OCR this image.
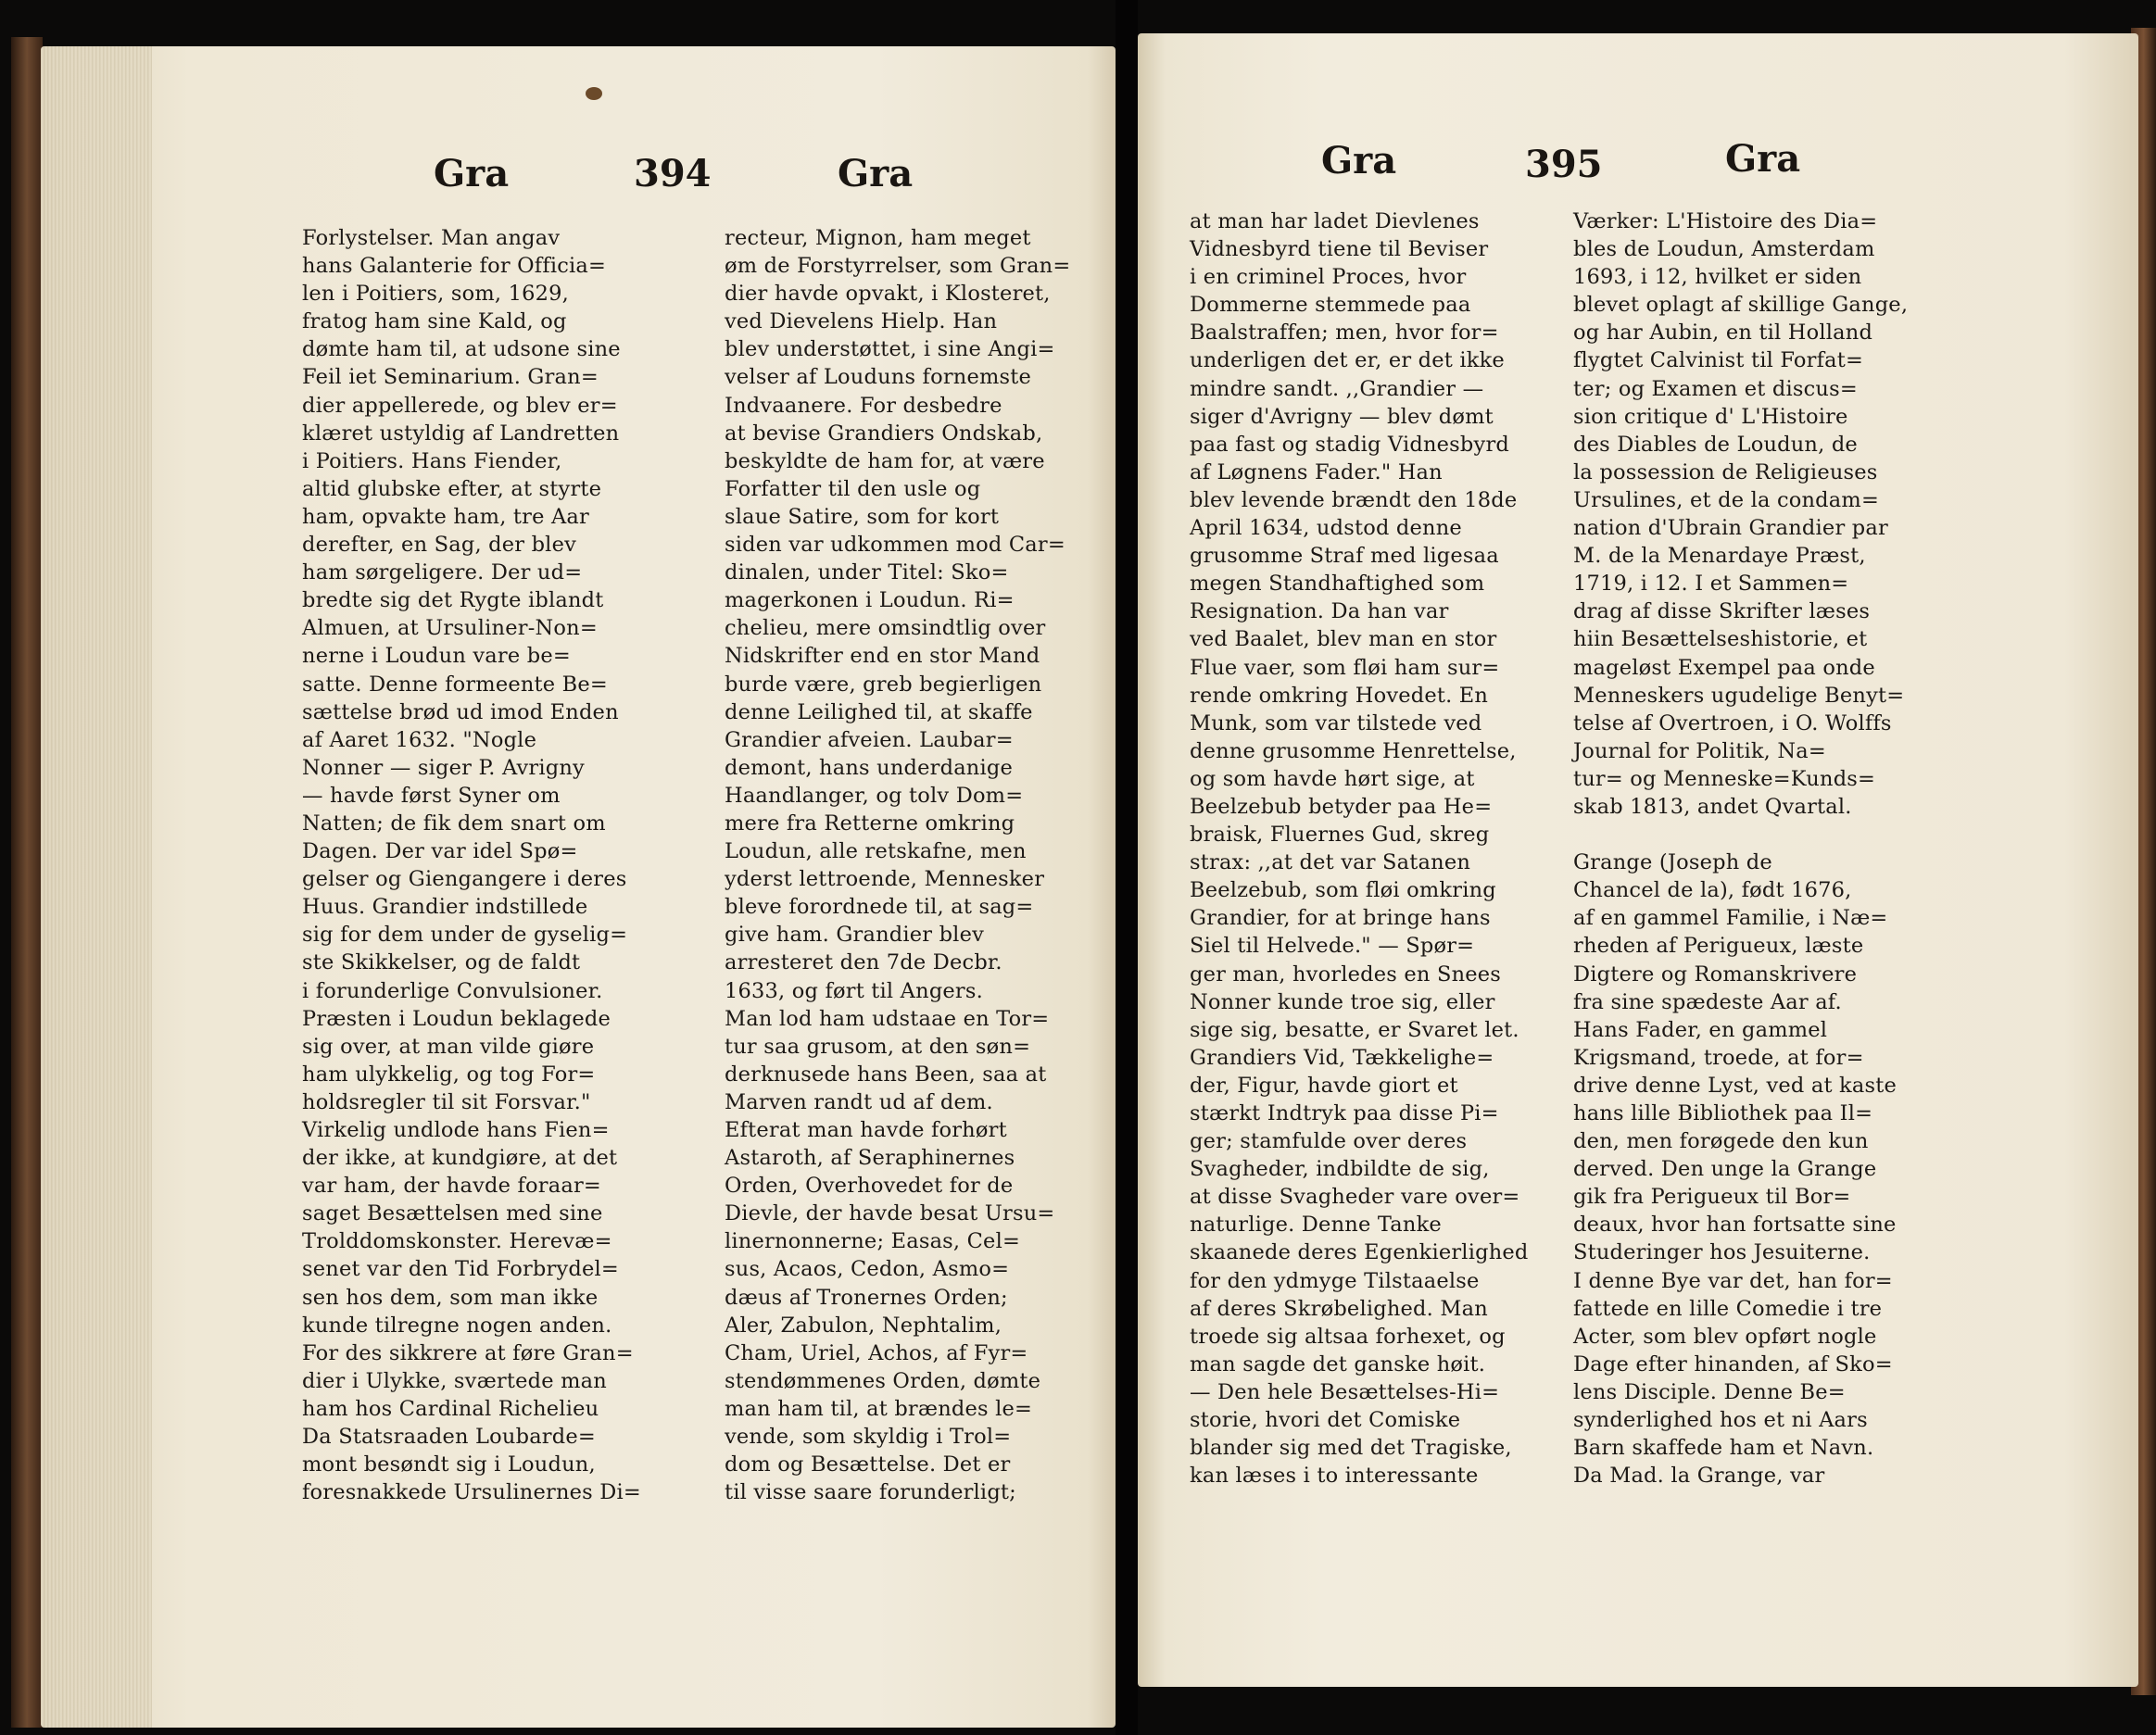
Gra	394	Gra
Forlystelser. Man angav
hans Galanterie for Officia=
len i Poitiers, som, 1629,
fratog ham sine Kald, og
dømte ham til, at udsone sine
Feil iet Seminarium. Gran=
dier appellerede, og blev er=
klæret ustyldig af Landretten
i Poitiers. Hans Fiender,
altid glubske efter, at styrte
ham, opvakte ham, tre Aar
derefter, en Sag, der blev
ham sørgeligere. Der ud=
bredte sig det Rygte iblandt
Almuen, at Ursuliner-Non=
nerne i Loudun vare be=
satte. Denne formeente Be=
sættelse brød ud imod Enden
af Aaret 1632. "Nogle
Nonner — siger P. Avrigny
— havde først Syner om
Natten; de fik dem snart om
Dagen. Der var idel Spø=
gelser og Giengangere i deres
Huus. Grandier indstillede
sig for dem under de gyselig=
ste Skikkelser, og de faldt
i forunderlige Convulsioner.
Præsten i Loudun beklagede
sig over, at man vilde giøre
ham ulykkelig, og tog For=
holdsregler til sit Forsvar."
Virkelig undlode hans Fien=
der ikke, at kundgiøre, at det
var ham, der havde foraar=
saget Besættelsen med sine
Trolddomskonster. Herevæ=
senet var den Tid Forbrydel=
sen hos dem, som man ikke
kunde tilregne nogen anden.
For des sikkrere at føre Gran=
dier i Ulykke, sværtede man
ham hos Cardinal Richelieu
Da Statsraaden Loubarde=
mont besøndt sig i Loudun,
foresnakkede Ursulinernes Di=
recteur, Mignon, ham meget
øm de Forstyrrelser, som Gran=
dier havde opvakt, i Klosteret,
ved Dievelens Hielp. Han
blev understøttet, i sine Angi=
velser af Louduns fornemste
Indvaanere. For desbedre
at bevise Grandiers Ondskab,
beskyldte de ham for, at være
Forfatter til den usle og
slaue Satire, som for kort
siden var udkommen mod Car=
dinalen, under Titel: Sko=
magerkonen i Loudun. Ri=
chelieu, mere omsindtlig over
Nidskrifter end en stor Mand
burde være, greb begierligen
denne Leilighed til, at skaffe
Grandier afveien. Laubar=
demont, hans underdanige
Haandlanger, og tolv Dom=
mere fra Retterne omkring
Loudun, alle retskafne, men
yderst lettroende, Mennesker
bleve forordnede til, at sag=
give ham. Grandier blev
arresteret den 7de Decbr.
1633, og ført til Angers.
Man lod ham udstaae en Tor=
tur saa grusom, at den søn=
derknusede hans Been, saa at
Marven randt ud af dem.
Efterat man havde forhørt
Astaroth, af Seraphinernes
Orden, Overhovedet for de
Dievle, der havde besat Ursu=
linernonnerne; Easas, Cel=
sus, Acaos, Cedon, Asmo=
dæus af Tronernes Orden;
Aler, Zabulon, Nephtalim,
Cham, Uriel, Achos, af Fyr=
stendømmenes Orden, dømte
man ham til, at brændes le=
vende, som skyldig i Trol=
dom og Besættelse. Det er
til visse saare forunderligt;
Gra	395	Gra
at man har ladet Dievlenes
Vidnesbyrd tiene til Beviser
i en criminel Proces, hvor
Dommerne stemmede paa
Baalstraffen; men, hvor for=
underligen det er, er det ikke
mindre sandt. ,,Grandier —
siger d'Avrigny — blev dømt
paa fast og stadig Vidnesbyrd
af Løgnens Fader." Han
blev levende brændt den 18de
April 1634, udstod denne
grusomme Straf med ligesaa
megen Standhaftighed som
Resignation. Da han var
ved Baalet, blev man en stor
Flue vaer, som fløi ham sur=
rende omkring Hovedet. En
Munk, som var tilstede ved
denne grusomme Henrettelse,
og som havde hørt sige, at
Beelzebub betyder paa He=
braisk, Fluernes Gud, skreg
strax: ,,at det var Satanen
Beelzebub, som fløi omkring
Grandier, for at bringe hans
Siel til Helvede." — Spør=
ger man, hvorledes en Snees
Nonner kunde troe sig, eller
sige sig, besatte, er Svaret let.
Grandiers Vid, Tækkelighe=
der, Figur, havde giort et
stærkt Indtryk paa disse Pi=
ger; stamfulde over deres
Svagheder, indbildte de sig,
at disse Svagheder vare over=
naturlige. Denne Tanke
skaanede deres Egenkierlighed
for den ydmyge Tilstaaelse
af deres Skrøbelighed. Man
troede sig altsaa forhexet, og
man sagde det ganske høit.
— Den hele Besættelses-Hi=
storie, hvori det Comiske
blander sig med det Tragiske,
kan læses i to interessante
Værker: L'Histoire des Dia=
bles de Loudun, Amsterdam
1693, i 12, hvilket er siden
blevet oplagt af skillige Gange,
og har Aubin, en til Holland
flygtet Calvinist til Forfat=
ter; og Examen et discus=
sion critique d' L'Histoire
des Diables de Loudun, de
la possession de Religieuses
Ursulines, et de la condam=
nation d'Ubrain Grandier par
M. de la Menardaye Præst,
1719, i 12. I et Sammen=
drag af disse Skrifter læses
hiin Besættelseshistorie, et
mageløst Exempel paa onde
Menneskers ugudelige Benyt=
telse af Overtroen, i O. Wolffs
Journal for Politik, Na=
tur= og Menneske=Kunds=
skab 1813, andet Qvartal.
Grange (Joseph de
Chancel de la), født 1676,
af en gammel Familie, i Næ=
rheden af Perigueux, læste
Digtere og Romanskrivere
fra sine spædeste Aar af.
Hans Fader, en gammel
Krigsmand, troede, at for=
drive denne Lyst, ved at kaste
hans lille Bibliothek paa Il=
den, men forøgede den kun
derved. Den unge la Grange
gik fra Perigueux til Bor=
deaux, hvor han fortsatte sine
Studeringer hos Jesuiterne.
I denne Bye var det, han for=
fattede en lille Comedie i tre
Acter, som blev opført nogle
Dage efter hinanden, af Sko=
lens Disciple. Denne Be=
synderlighed hos et ni Aars
Barn skaffede ham et Navn.
Da Mad. la Grange, var
